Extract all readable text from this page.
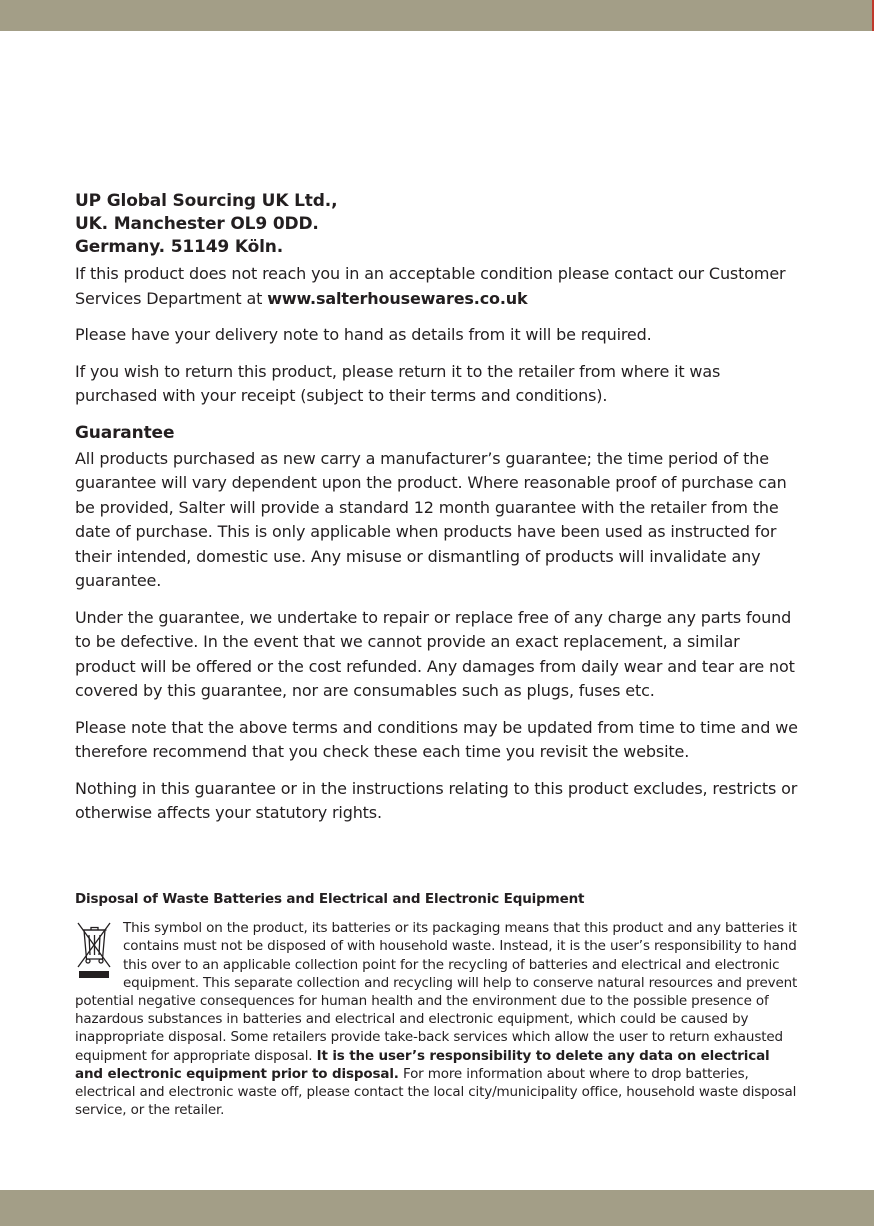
UP Global Sourcing UK Ltd.,
UK. Manchester OL9 0DD.
Germany. 51149 Köln.

If this product does not reach you in an acceptable condition please contact our Customer Services Department at www.salterhousewares.co.uk

Please have your delivery note to hand as details from it will be required.

If you wish to return this product, please return it to the retailer from where it was purchased with your receipt (subject to their terms and conditions).

Guarantee

All products purchased as new carry a manufacturer’s guarantee; the time period of the guarantee will vary dependent upon the product. Where reasonable proof of purchase can be provided, Salter will provide a standard 12 month guarantee with the retailer from the date of purchase. This is only applicable when products have been used as instructed for their intended, domestic use. Any misuse or dismantling of products will invalidate any guarantee.

Under the guarantee, we undertake to repair or replace free of any charge any parts found to be defective. In the event that we cannot provide an exact replacement, a similar product will be offered or the cost refunded. Any damages from daily wear and tear are not covered by this guarantee, nor are consumables such as plugs, fuses etc.

Please note that the above terms and conditions may be updated from time to time and we therefore recommend that you check these each time you revisit the website.

Nothing in this guarantee or in the instructions relating to this product excludes, restricts or otherwise affects your statutory rights.

Disposal of Waste Batteries and Electrical and Electronic Equipment
This symbol on the product, its batteries or its packaging means that this product and any batteries it contains must not be disposed of with household waste. Instead, it is the user’s responsibility to hand this over to an applicable collection point for the recycling of batteries and electrical and electronic equipment. This separate collection and recycling will help to conserve natural resources and prevent potential negative consequences for human health and the environment due to the possible presence of hazardous substances in batteries and electrical and electronic equipment, which could be caused by inappropriate disposal. Some retailers provide take-back services which allow the user to return exhausted equipment for appropriate disposal. It is the user’s responsibility to delete any data on electrical and electronic equipment prior to disposal. For more information about where to drop batteries, electrical and electronic waste off, please contact the local city/municipality office, household waste disposal service, or the retailer.
